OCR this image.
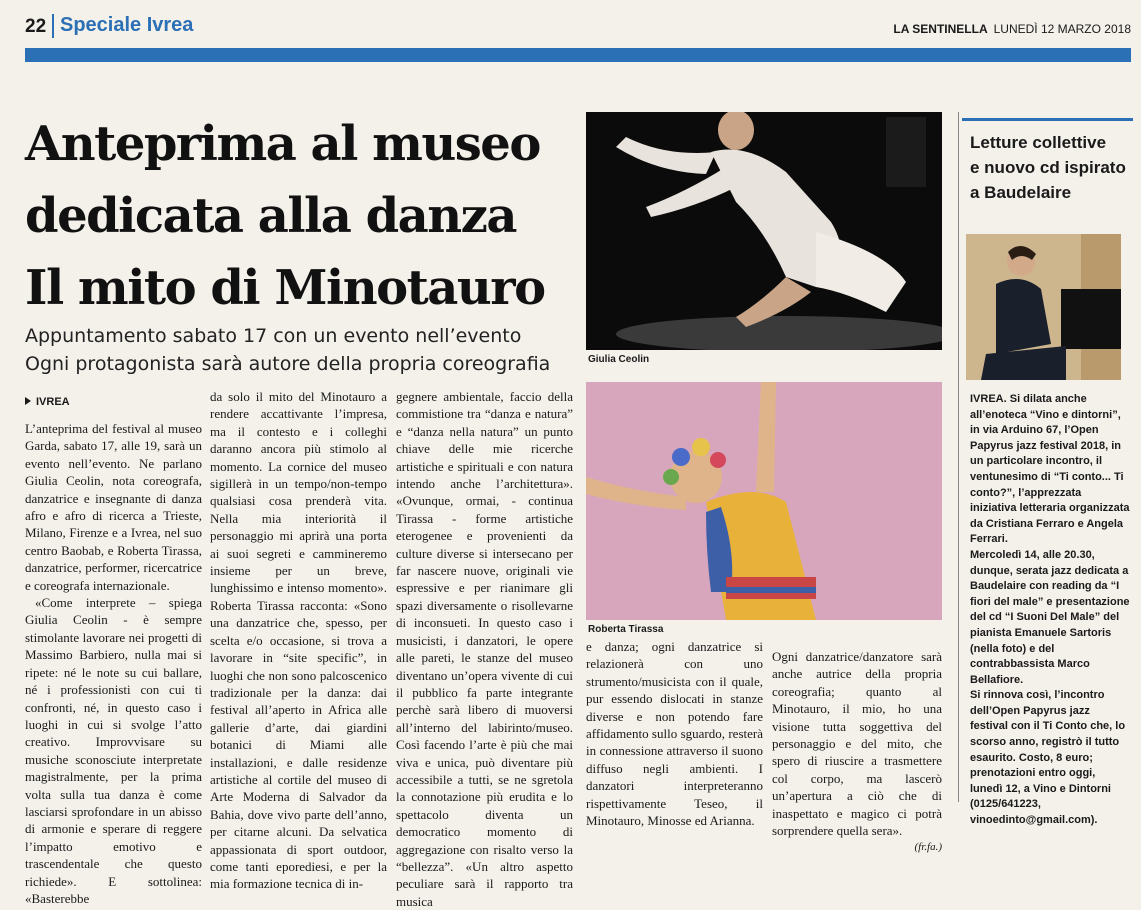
22 Speciale Ivrea	LA SENTINELLA LUNEDÌ 12 MARZO 2018
Anteprima al museo
dedicata alla danza
Il mito di Minotauro
Appuntamento sabato 17 con un evento nell’evento
Ogni protagonista sarà autore della propria coreografia
IVREA

L’anteprima del festival al museo Garda, sabato 17, alle 19, sarà un evento nell’evento. Ne parlano Giulia Ceolin, nota coreografa, danzatrice e insegnante di danza afro e afro di ricerca a Trieste, Milano, Firenze e a Ivrea, nel suo centro Baobab, e Roberta Tirassa, danzatrice, performer, ricercatrice e coreografa internazionale.

«Come interprete – spiega Giulia Ceolin - è sempre stimolante lavorare nei progetti di Massimo Barbiero, nulla mai si ripete: né le note su cui ballare, né i professionisti con cui ti confronti, né, in questo caso i luoghi in cui si svolge l’atto creativo. Improvvisare su musiche sconosciute interpretate magistralmente, per la prima volta sulla tua danza è come lasciarsi sprofondare in un abisso di armonie e sperare di reggere l’impatto emotivo e trascendentale che questo richiede». E sottolinea: «Basterebbe

da solo il mito del Minotauro a rendere accattivante l’impresa, ma il contesto e i colleghi daranno ancora più stimolo al momento. La cornice del museo sigillerà in un tempo/non-tempo qualsiasi cosa prenderà vita. Nella mia interiorità il personaggio mi aprirà una porta ai suoi segreti e cammineremo insieme per un breve, lunghissimo e intenso momento». Roberta Tirassa racconta: «Sono una danzatrice che, spesso, per scelta e/o occasione, si trova a lavorare in “site specific”, in luoghi che non sono palcoscenico tradizionale per la danza: dai festival all’aperto in Africa alle gallerie d’arte, dai giardini botanici di Miami alle installazioni, e dalle residenze artistiche al cortile del museo di Arte Moderna di Salvador da Bahia, dove vivo parte dell’anno, per citarne alcuni. Da selvatica appassionata di sport outdoor, come tanti eporediesi, e per la mia formazione tecnica di in-

gegnere ambientale, faccio della commistione tra “danza e natura” e “danza nella natura” un punto chiave delle mie ricerche artistiche e spirituali e con natura intendo anche l’architettura». «Ovunque, ormai, - continua Tirassa - forme artistiche eterogenee e provenienti da culture diverse si intersecano per far nascere nuove, originali vie espressive e per rianimare gli spazi diversamente o risollevarne di inconsueti. In questo caso i musicisti, i danzatori, le opere alle pareti, le stanze del museo diventano un’opera vivente di cui il pubblico fa parte integrante perchè sarà libero di muoversi all’interno del labirinto/museo. Così facendo l’arte è più che mai viva e unica, può diventare più accessibile a tutti, se ne sgretola la connotazione più erudita e lo spettacolo diventa un democratico momento di aggregazione con risalto verso la “bellezza”. «Un altro aspetto peculiare sarà il rapporto tra musica

e danza; ogni danzatrice si relazionerà con uno strumento/musicista con il quale, pur essendo dislocati in stanze diverse e non potendo fare affidamento sullo sguardo, resterà in connessione attraverso il suono diffuso negli ambienti. I danzatori interpreteranno rispettivamente Teseo, il Minotauro, Minosse ed Arianna.

Ogni danzatrice/danzatore sarà anche autrice della propria coreografia; quanto al Minotauro, il mio, ho una visione tutta soggettiva del personaggio e del mito, che spero di riuscire a trasmettere col corpo, ma lascerò un’apertura a ciò che di inaspettato e magico ci potrà sorprendere quella sera».

(fr.fa.)
Giulia Ceolin
Roberta Tirassa
Letture collettive
e nuovo cd ispirato
a Baudelaire

IVREA. Si dilata anche all’enoteca “Vino e dintorni”, in via Arduino 67, l’Open Papyrus jazz festival 2018, in un particolare incontro, il ventunesimo di “Ti conto... Ti conto?”, l’apprezzata iniziativa letteraria organizzata da Cristiana Ferraro e Angela Ferrari.

Mercoledì 14, alle 20.30, dunque, serata jazz dedicata a Baudelaire con reading da “I fiori del male” e presentazione del cd “I Suoni Del Male” del pianista Emanuele Sartoris (nella foto) e del contrabbassista Marco Bellafiore.

Si rinnova così, l’incontro dell’Open Papyrus jazz festival con il Ti Conto che, lo scorso anno, registrò il tutto esaurito. Costo, 8 euro; prenotazioni entro oggi, lunedì 12, a Vino e Dintorni (0125/641223, vinoedinto@gmail.com).
